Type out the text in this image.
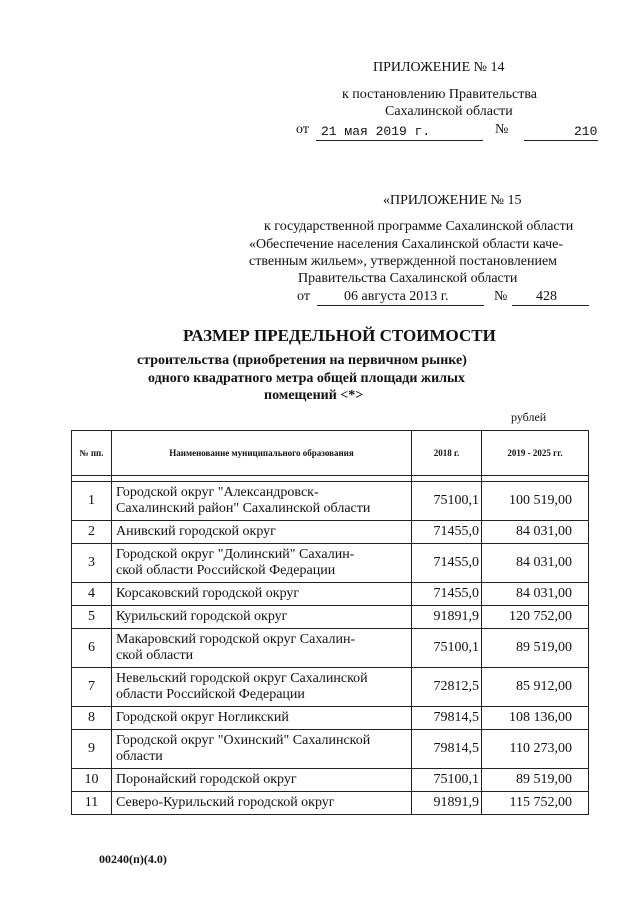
ПРИЛОЖЕНИЕ № 14
к постановлению Правительства
Сахалинской области
от 21 мая 2019 г.	№	210
«ПРИЛОЖЕНИЕ № 15
к государственной программе Сахалинской области
«Обеспечение населения Сахалинской области каче-
ственным жильем», утвержденной постановлением
Правительства Сахалинской области
от 06 августа 2013 г.	№ 428
РАЗМЕР ПРЕДЕЛЬНОЙ СТОИМОСТИ
строительства (приобретения на первичном рынке)
одного квадратного метра общей площади жилых
помещений <*>
рублей
№ пп.	Наименование муниципального образования	2018 г.	2019 - 2025 гг.

1	Городской округ "Александровск-
Сахалинский район" Сахалинской области	75100,1	100 519,00
2	Анивский городской округ	71455,0	84 031,00
3	Городской округ "Долинский" Сахалин-
ской области Российской Федерации	71455,0	84 031,00
4	Корсаковский городской округ	71455,0	84 031,00
5	Курильский городской округ	91891,9	120 752,00
6	Макаровский городской округ Сахалин-
ской области	75100,1	89 519,00
7	Невельский городской округ Сахалинской
области Российской Федерации	72812,5	85 912,00
8	Городской округ Ногликский	79814,5	108 136,00
9	Городской округ "Охинский" Сахалинской
области	79814,5	110 273,00
10	Поронайский городской округ	75100,1	89 519,00
11	Северо-Курильский городской округ	91891,9	115 752,00
00240(п)(4.0)
